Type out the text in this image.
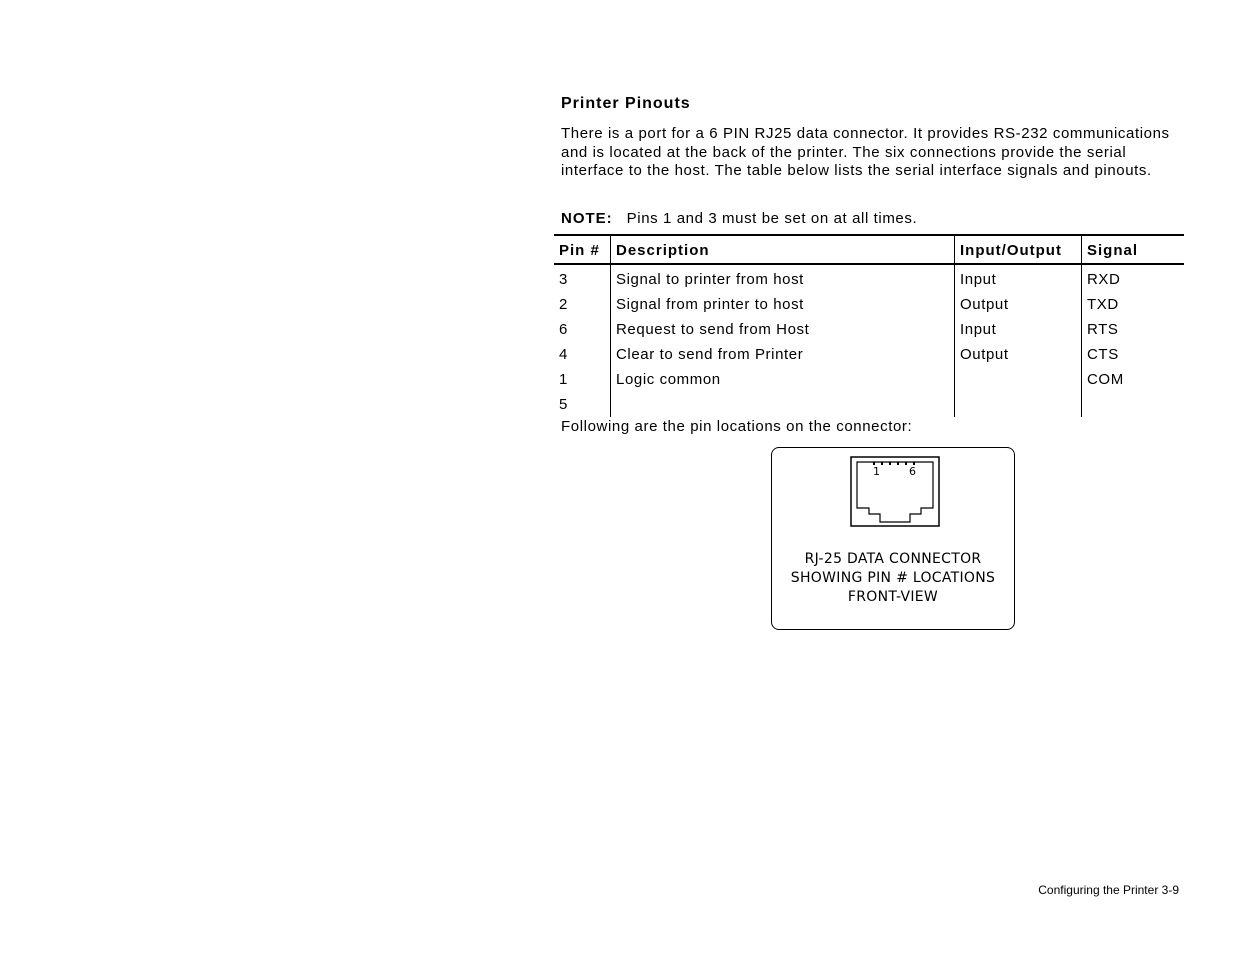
Printer Pinouts

There is a port for a 6 PIN RJ25 data connector. It provides RS-232 communications and is located at the back of the printer. The six connections provide the serial interface to the host. The table below lists the serial interface signals and pinouts.

NOTE: Pins 1 and 3 must be set on at all times.

Pin #	Description	Input/Output	Signal
3	Signal to printer from host	Input	RXD
2	Signal from printer to host	Output	TXD
6	Request to send from Host	Input	RTS
4	Clear to send from Printer	Output	CTS
1	Logic common		COM
5			

Following are the pin locations on the connector:

1	6
RJ-25 DATA CONNECTOR
SHOWING PIN # LOCATIONS
FRONT-VIEW

Configuring the Printer 3-9
